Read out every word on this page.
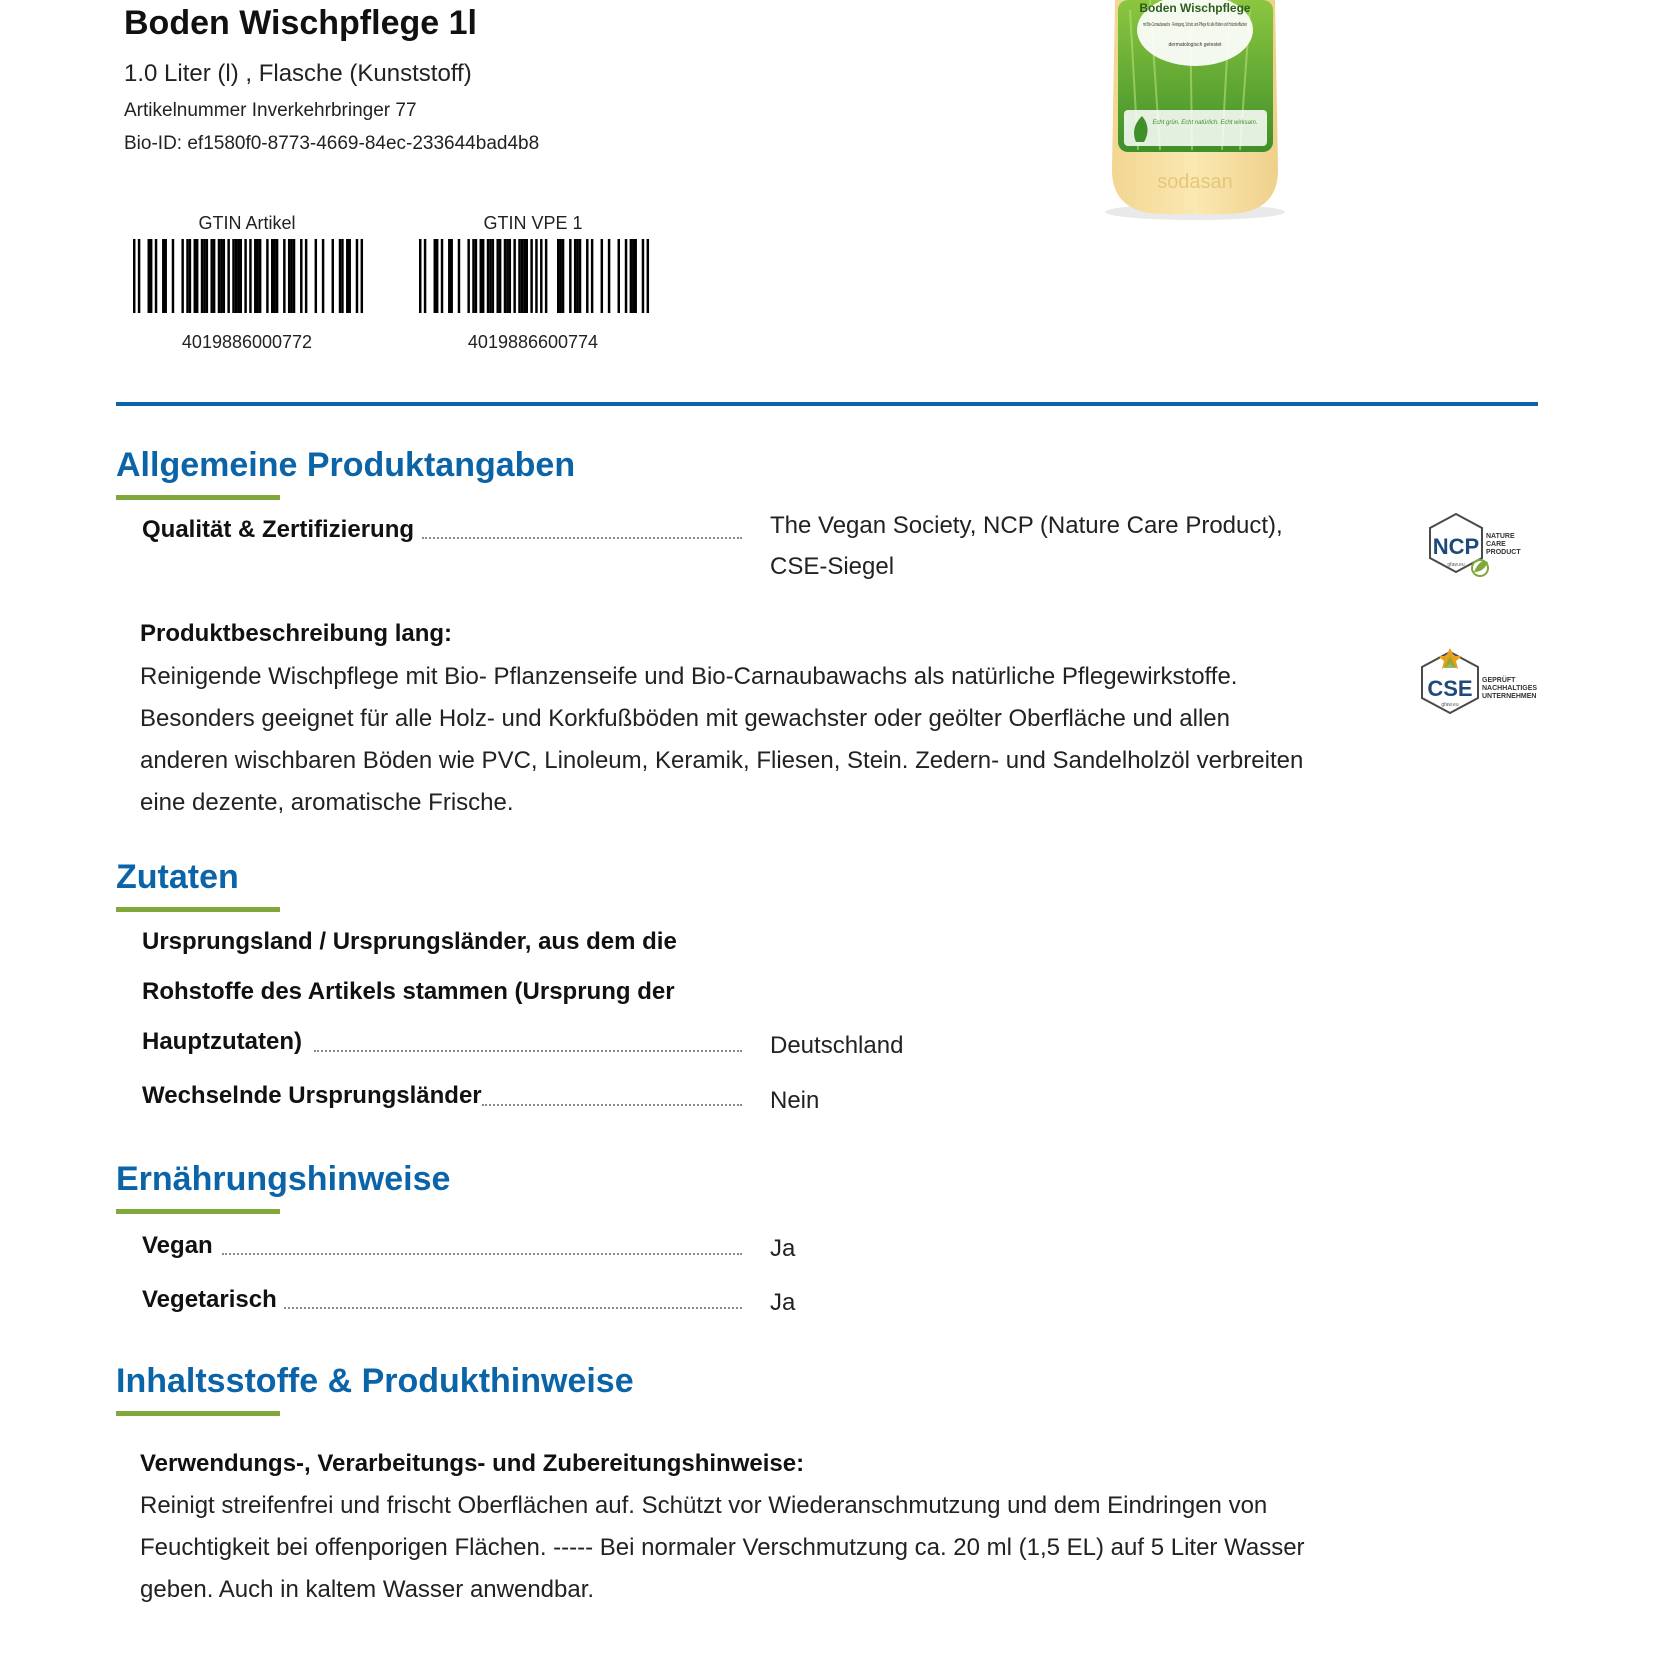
Boden Wischpflege 1l
1.0 Liter (l) , Flasche (Kunststoff)
Artikelnummer Inverkehrbringer 77
Bio-ID: ef1580f0-8773-4669-84ec-233644bad4b8
GTIN Artikel
4019886000772
GTIN VPE 1
4019886600774
Boden Wischpflege
mit Bio-Carnaubawachs · Reinigung, Schutz und Pflege für alle Böden und Holzoberflächen
dermatologisch getestet
Echt grün. Echt natürlich. Echt wirksam.
sodasan
Allgemeine Produktangaben
Qualität & Zertifizierung	The Vegan Society, NCP (Nature Care Product),
CSE-Siegel
NCP
gfaw.eu
NATURE
CARE
PRODUCT
Produktbeschreibung lang:
Reinigende Wischpflege mit Bio- Pflanzenseife und Bio-Carnaubawachs als natürliche Pflegewirkstoffe.
Besonders geeignet für alle Holz- und Korkfußböden mit gewachster oder geölter Oberfläche und allen
anderen wischbaren Böden wie PVC, Linoleum, Keramik, Fliesen, Stein. Zedern- und Sandelholzöl verbreiten
eine dezente, aromatische Frische.
CSE
gfaw.eu
GEPRÜFT
NACHHALTIGES
UNTERNEHMEN
Zutaten
Ursprungsland / Ursprungsländer, aus dem die
Rohstoffe des Artikels stammen (Ursprung der
Hauptzutaten)	Deutschland
Wechselnde Ursprungsländer	Nein
Ernährungshinweise
Vegan	Ja
Vegetarisch	Ja
Inhaltsstoffe & Produkthinweise
Verwendungs-, Verarbeitungs- und Zubereitungshinweise:
Reinigt streifenfrei und frischt Oberflächen auf. Schützt vor Wiederanschmutzung und dem Eindringen von
Feuchtigkeit bei offenporigen Flächen. ----- Bei normaler Verschmutzung ca. 20 ml (1,5 EL) auf 5 Liter Wasser
geben. Auch in kaltem Wasser anwendbar.
